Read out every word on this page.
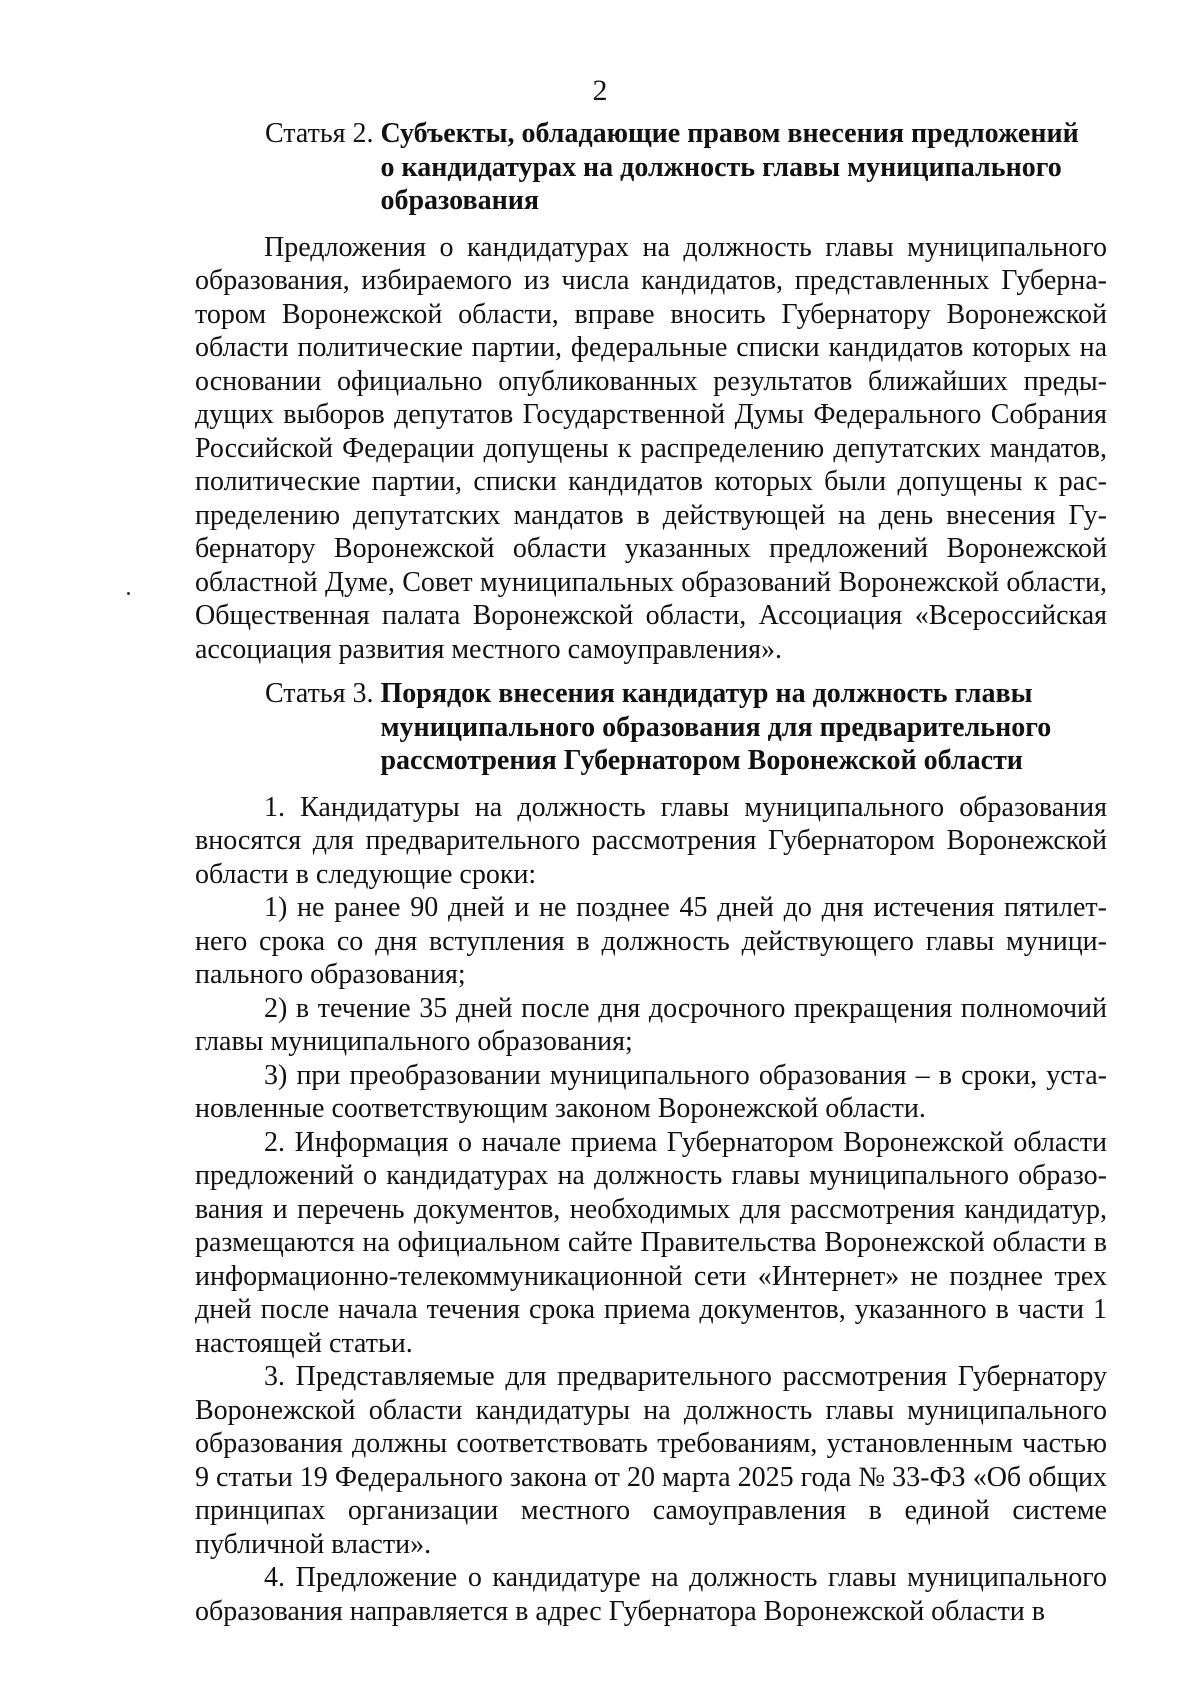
2
Статья 2. Субъекты, обладающие правом внесения предложений
о кандидатурах на должность главы муниципального
образования

Предложения о кандидатурах на должность главы муниципального образования, избираемого из числа кандидатов, представленных Губернатором Воронежской области, вправе вносить Губернатору Воронежской области политические партии, федеральные списки кандидатов которых на основании официально опубликованных результатов ближайших предыдущих выборов депутатов Государственной Думы Федерального Собрания Российской Федерации допущены к распределению депутатских мандатов, политические партии, списки кандидатов которых были допущены к распределению депутатских мандатов в действующей на день внесения Губернатору Воронежской области указанных предложений Воронежской областной Думе, Совет муниципальных образований Воронежской области, Общественная палата Воронежской области, Ассоциация «Всероссийская ассоциация развития местного самоуправления».

Статья 3. Порядок внесения кандидатур на должность главы
муниципального образования для предварительного
рассмотрения Губернатором Воронежской области

1. Кандидатуры на должность главы муниципального образования вносятся для предварительного рассмотрения Губернатором Воронежской области в следующие сроки:

1) не ранее 90 дней и не позднее 45 дней до дня истечения пятилетнего срока со дня вступления в должность действующего главы муниципального образования;

2) в течение 35 дней после дня досрочного прекращения полномочий главы муниципального образования;

3) при преобразовании муниципального образования – в сроки, установленные соответствующим законом Воронежской области.

2. Информация о начале приема Губернатором Воронежской области предложений о кандидатурах на должность главы муниципального образования и перечень документов, необходимых для рассмотрения кандидатур, размещаются на официальном сайте Правительства Воронежской области в информационно-телекоммуникационной сети «Интернет» не позднее трех дней после начала течения срока приема документов, указанного в части 1 настоящей статьи.

3. Представляемые для предварительного рассмотрения Губернатору Воронежской области кандидатуры на должность главы муниципального образования должны соответствовать требованиям, установленным частью 9 статьи 19 Федерального закона от 20 марта 2025 года № 33-ФЗ «Об общих принципах организации местного самоуправления в единой системе публичной власти».

4. Предложение о кандидатуре на должность главы муниципального образования направляется в адрес Губернатора Воронежской области в
